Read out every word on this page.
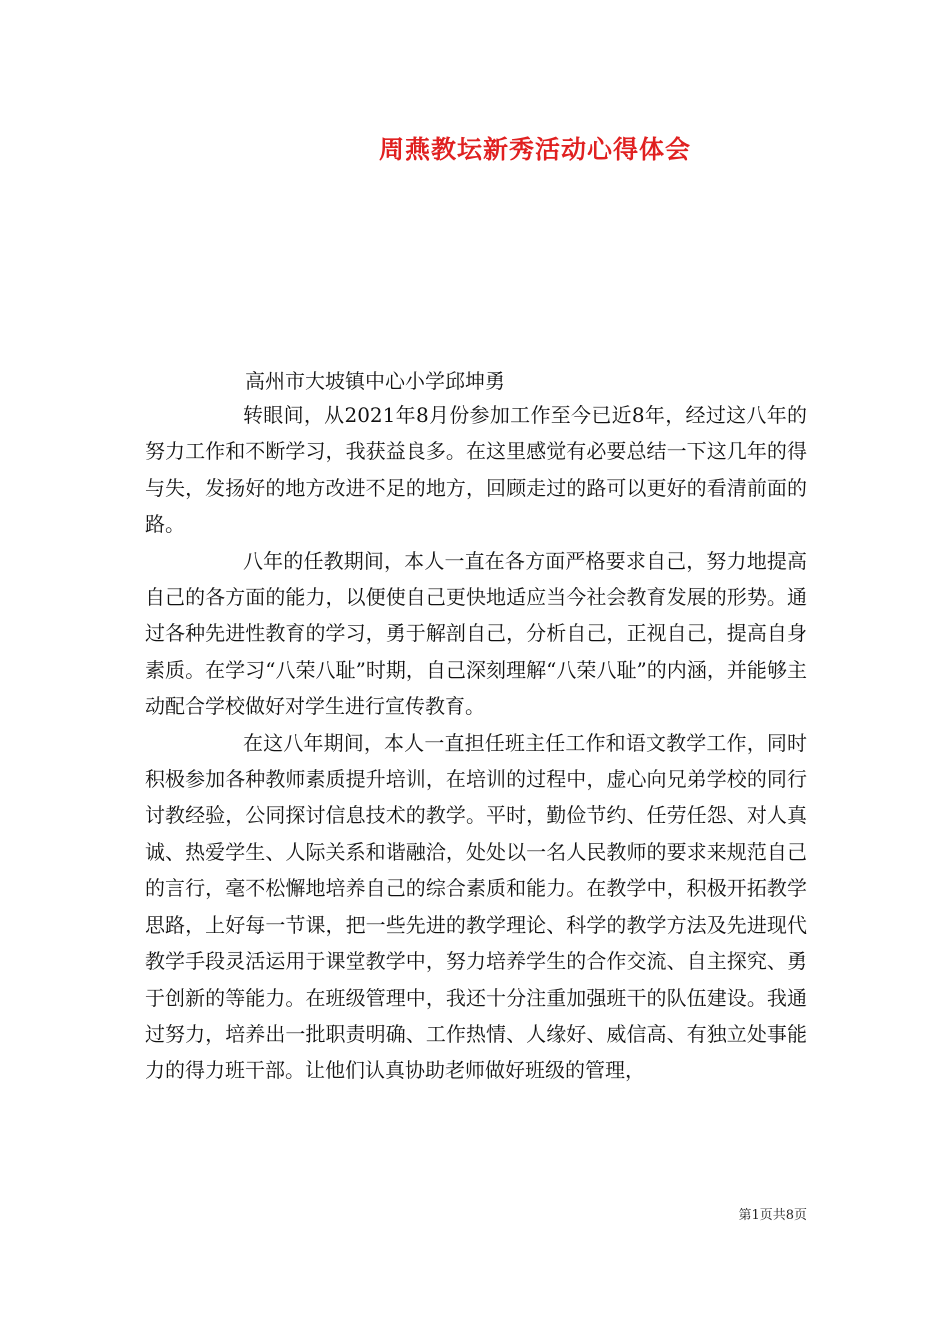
周燕教坛新秀活动心得体会
高州市大坡镇中心小学邱坤勇

转眼间，从2021年8月份参加工作至今已近8年，经过这八年的努力工作和不断学习，我获益良多。在这里感觉有必要总结一下这几年的得与失，发扬好的地方改进不足的地方，回顾走过的路可以更好的看清前面的路。

八年的任教期间，本人一直在各方面严格要求自己，努力地提高自己的各方面的能力，以便使自己更快地适应当今社会教育发展的形势。通过各种先进性教育的学习，勇于解剖自己，分析自己，正视自己，提高自身素质。在学习“八荣八耻”时期，自己深刻理解“八荣八耻”的内涵，并能够主动配合学校做好对学生进行宣传教育。

在这八年期间，本人一直担任班主任工作和语文教学工作，同时积极参加各种教师素质提升培训，在培训的过程中，虚心向兄弟学校的同行讨教经验，公同探讨信息技术的教学。平时，勤俭节约、任劳任怨、对人真诚、热爱学生、人际关系和谐融洽，处处以一名人民教师的要求来规范自己的言行，毫不松懈地培养自己的综合素质和能力。在教学中，积极开拓教学思路，上好每一节课，把一些先进的教学理论、科学的教学方法及先进现代教学手段灵活运用于课堂教学中，努力培养学生的合作交流、自主探究、勇于创新的等能力。在班级管理中，我还十分注重加强班干的队伍建设。我通过努力，培养出一批职责明确、工作热情、人缘好、威信高、有独立处事能力的得力班干部。让他们认真协助老师做好班级的管理，

第1页共8页
